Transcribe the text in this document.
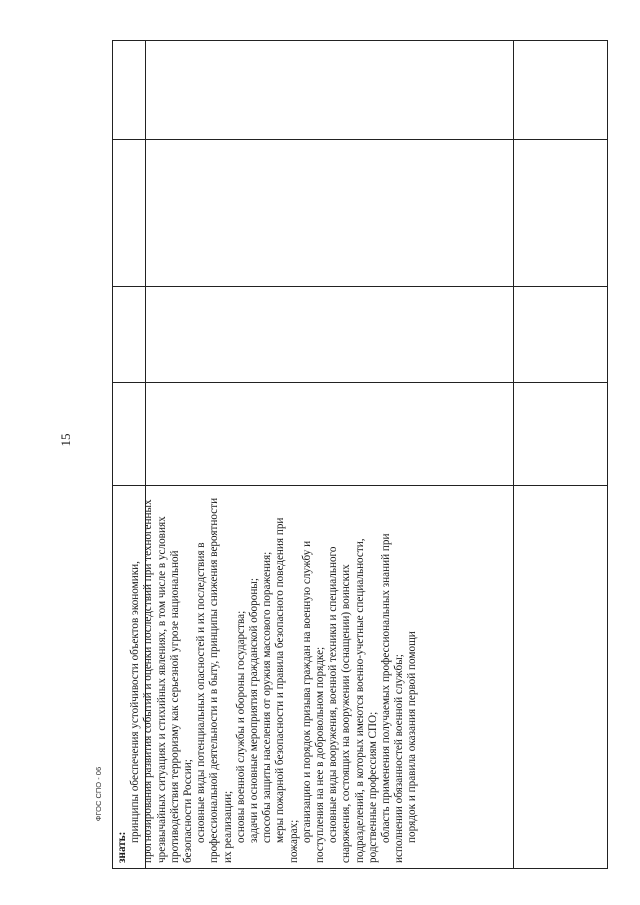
знать:

принципы обеспечения устойчивости объектов экономики, прогнозирования развития событий и оценки последствий при техногенных чрезвычайных ситуациях и стихийных явлениях, в том числе в условиях противодействия терроризму как серьезной угрозе национальной безопасности России; основные виды потенциальных опасностей и их последствия в профессиональной деятельности и в быту, принципы снижения вероятности их реализации; основы военной службы и обороны государства; задачи и основные мероприятия гражданской обороны; способы защиты населения от оружия массового поражения; меры пожарной безопасности и правила безопасного поведения при пожарах; организацию и порядок призыва граждан на военную службу и поступления на нее в добровольном порядке; основные виды вооружения, военной техники и специального снаряжения, состоящих на вооружении (оснащении) воинских подразделений, в которых имеются военно-учетные специальности, родственные профессиям СПО; область применения получаемых профессиональных знаний при исполнении обязанностей военной службы; порядок и правила оказания первой помощи

15
ФГОС СПО - 06
